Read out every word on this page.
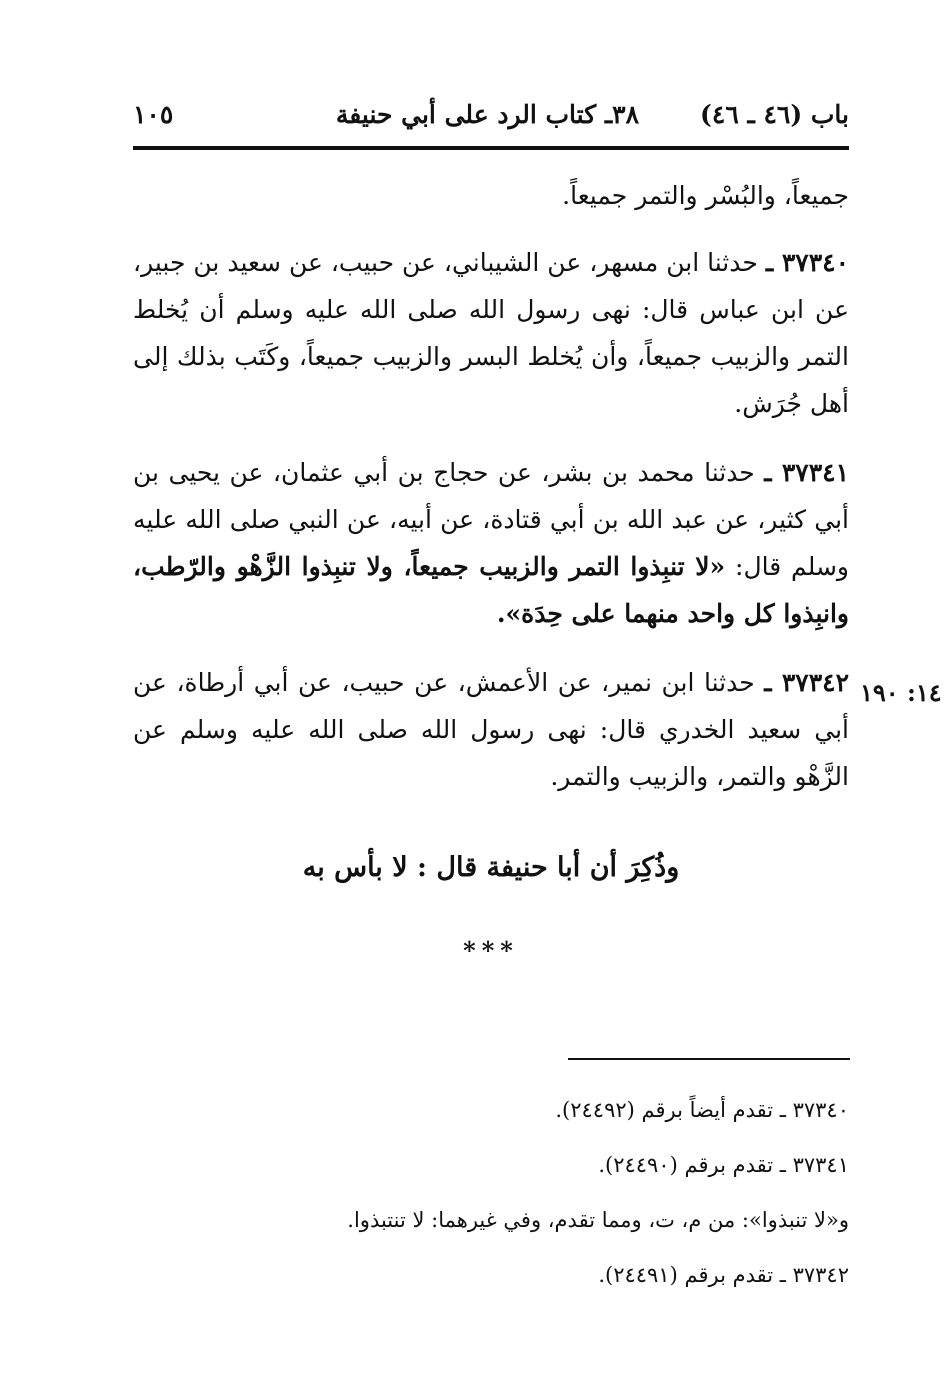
باب (٤٦ ـ ٤٦)
٣٨ـ كتاب الرد على أبي حنيفة
١٠٥

جميعاً، والبُسْر والتمر جميعاً.

٣٧٣٤٠ ـ حدثنا ابن مسهر، عن الشيباني، عن حبيب، عن سعيد بن جبير، عن ابن عباس قال: نهى رسول الله صلى الله عليه وسلم أن يُخلط التمر والزبيب جميعاً، وأن يُخلط البسر والزبيب جميعاً، وكَتَب بذلك إلى أهل جُرَش.

٣٧٣٤١ ـ حدثنا محمد بن بشر، عن حجاج بن أبي عثمان، عن يحيى بن أبي كثير، عن عبد الله بن أبي قتادة، عن أبيه، عن النبي صلى الله عليه وسلم قال: «لا تنبِذوا التمر والزبيب جميعاً، ولا تنبِذوا الزَّهْو والرّطب، وانبِذوا كل واحد منهما على حِدَة».

٣٧٣٤٢ ـ حدثنا ابن نمير، عن الأعمش، عن حبيب، عن أبي أرطاة، عن أبي سعيد الخدري قال: نهى رسول الله صلى الله عليه وسلم عن الزَّهْو والتمر، والزبيب والتمر.

١٤: ١٩٠
وذُكِرَ أن أبا حنيفة قال : لا بأس به
***

٣٧٣٤٠ ـ تقدم أيضاً برقم (٢٤٤٩٢).

٣٧٣٤١ ـ تقدم برقم (٢٤٤٩٠).

و«لا تنبذوا»: من م، ت، ومما تقدم، وفي غيرهما: لا تنتبذوا.

٣٧٣٤٢ ـ تقدم برقم (٢٤٤٩١).
